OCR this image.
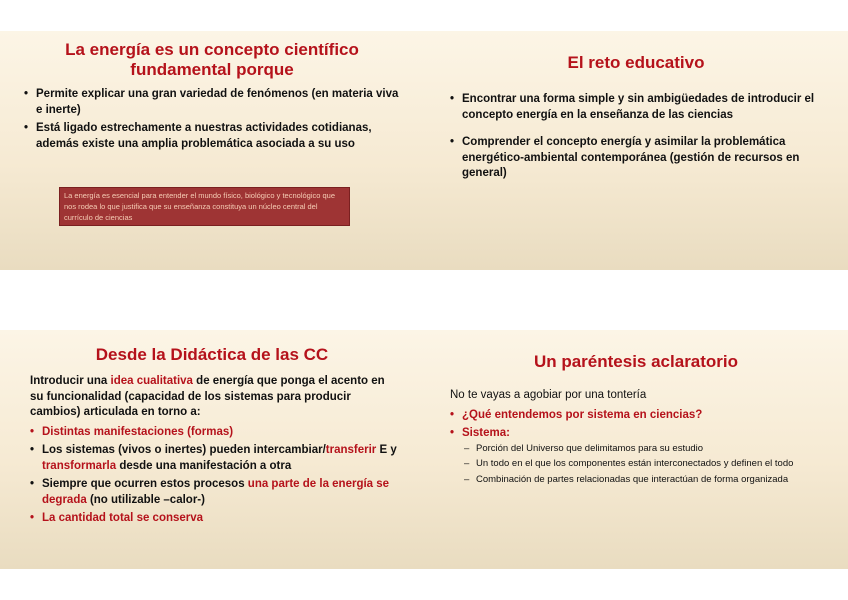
La energía es un concepto científico fundamental porque
• Permite explicar una gran variedad de fenómenos (en materia viva e inerte)
• Está ligado estrechamente a nuestras actividades cotidianas, además existe una amplia problemática asociada a su uso
La energía es esencial para entender el mundo físico, biológico y tecnológico que nos rodea lo que justifica que su enseñanza constituya un núcleo central del currículo de ciencias
El reto educativo
• Encontrar una forma simple y sin ambigüedades de introducir el concepto energía en la enseñanza de las ciencias
• Comprender el concepto energía y asimilar la problemática energético-ambiental contemporánea (gestión de recursos en general)
Desde la Didáctica de las CC
Introducir una idea cualitativa de energía que ponga el acento en su funcionalidad (capacidad de los sistemas para producir cambios) articulada en torno a:
• Distintas manifestaciones (formas)
• Los sistemas (vivos o inertes) pueden intercambiar/transferir E y transformarla desde una manifestación a otra
• Siempre que ocurren estos procesos una parte de la energía se degrada (no utilizable –calor-)
• La cantidad total se conserva
Un paréntesis aclaratorio
No te vayas a agobiar por una tontería
• ¿Qué entendemos por sistema en ciencias?
• Sistema:
– Porción del Universo que delimitamos para su estudio
– Un todo en el que los componentes están interconectados y definen el todo
– Combinación de partes relacionadas que interactúan de forma organizada
